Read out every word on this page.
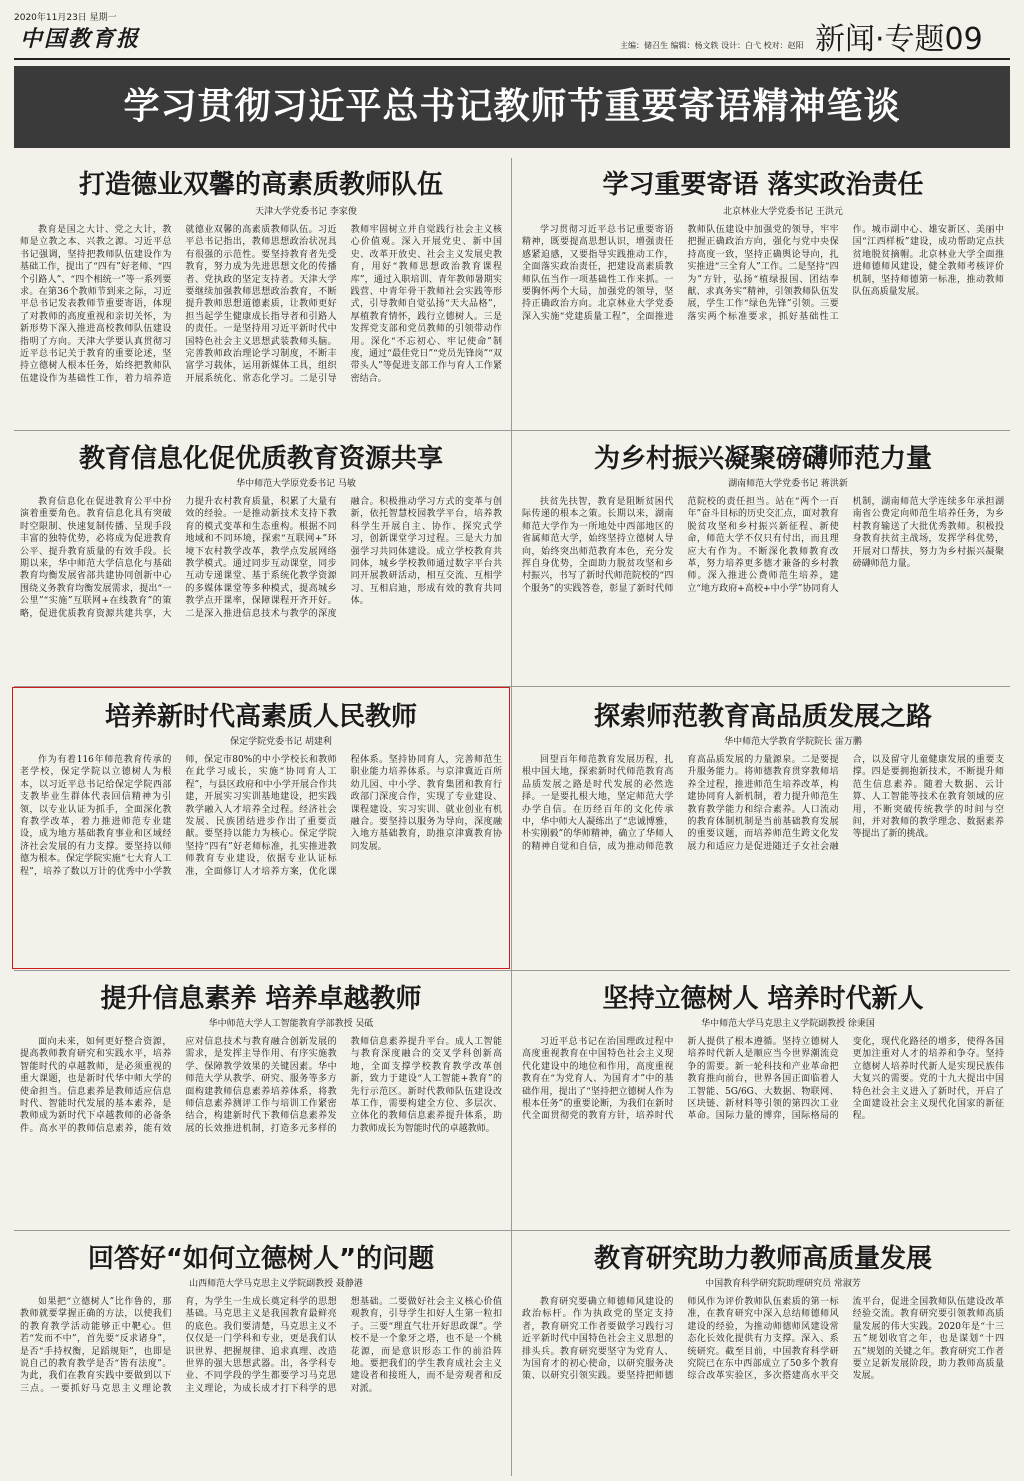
2020年11月23日 星期一
中国教育报	主编：储召生 编辑：杨文轶 设计：白弋 校对：赵阳 新闻·专题09
学习贯彻习近平总书记教师节重要寄语精神笔谈
打造德业双馨的高素质教师队伍
天津大学党委书记 李家俊

教育是国之大计、党之大计，教师是立教之本、兴教之源。习近平总书记强调，坚持把教师队伍建设作为基础工作，提出了“四有”好老师、“四个引路人”、“四个相统一”等一系列要求。在第36个教师节到来之际，习近平总书记发表教师节重要寄语，体现了对教师的高度重视和亲切关怀，为新形势下深入推进高校教师队伍建设指明了方向。天津大学要认真贯彻习近平总书记关于教育的重要论述，坚持立德树人根本任务，始终把教师队伍建设作为基础性工作，着力培养造就德业双馨的高素质教师队伍。习近平总书记指出，教师思想政治状况具有很强的示范性。要坚持教育者先受教育，努力成为先进思想文化的传播者、党执政的坚定支持者。天津大学要继续加强教师思想政治教育，不断提升教师思想道德素质，让教师更好担当起学生健康成长指导者和引路人的责任。一是坚持用习近平新时代中国特色社会主义思想武装教师头脑。完善教师政治理论学习制度，不断丰富学习载体，运用新媒体工具，组织开展系统化、常态化学习。二是引导教师牢固树立并自觉践行社会主义核心价值观。深入开展党史、新中国史、改革开放史、社会主义发展史教育，用好“教师思想政治教育课程库”，通过入职培训、青年教师暑期实践营、中青年骨干教师社会实践等形式，引导教师自觉弘扬“天大品格”，厚植教育情怀，践行立德树人。三是发挥党支部和党员教师的引领带动作用。深化“不忘初心、牢记使命”制度，通过“最佳党日”“党员先锋岗”“双带头人”等促进支部工作与育人工作紧密结合。

学习重要寄语 落实政治责任
北京林业大学党委书记 王洪元

学习贯彻习近平总书记重要寄语精神，既要提高思想认识，增强责任感紧迫感，又要指导实践推动工作，全面落实政治责任，把建设高素质教师队伍当作一项基础性工作来抓。一要胸怀两个大局，加强党的领导，坚持正确政治方向。北京林业大学党委深入实施“党建质量工程”，全面推进教师队伍建设中加强党的领导，牢牢把握正确政治方向，强化与党中央保持高度一致，坚持正确舆论导向，扎实推进“三全育人”工作。二是坚持“四为”方针，弘扬“植绿报国、团结奉献、求真务实”精神，引领教师队伍发展，学生工作“绿色先锋”引领。三要落实两个标准要求，抓好基础性工作。城市副中心、雄安新区、美丽中国“江西样板”建设，成功帮助定点扶贫地脱贫摘帽。北京林业大学全面推进师德师风建设，健全教师考核评价机制，坚持师德第一标准，推动教师队伍高质量发展。

教育信息化促优质教育资源共享
华中师范大学原党委书记 马敏

教育信息化在促进教育公平中扮演着重要角色。教育信息化具有突破时空限制、快速复制传播、呈现手段丰富的独特优势，必将成为促进教育公平、提升教育质量的有效手段。长期以来，华中师范大学信息化与基础教育均衡发展省部共建协同创新中心围绕义务教育均衡发展需求，提出“一公里”“实施”互联网+在线教育”的策略，促进优质教育资源共建共享，大力提升农村教育质量，积累了大量有效的经验。一是推动新技术支持下教育的模式变革和生态重构。根据不同地域和不同环境，探索“互联网+”环境下农村教学改革，教学点发展网络教学模式。通过同步互动课堂，同步互动专递课堂、基于系统化教学资源的多媒体课堂等多种模式，提高城乡教学点开课率，保障课程开齐开好。二是深入推进信息技术与教学的深度融合。积极推动学习方式的变革与创新，依托智慧校园教学平台，培养教科学生开展自主、协作、探究式学习，创新课堂学习过程。三是大力加强学习共同体建设。成立学校教育共同体，城乡学校教师通过数字平台共同开展教研活动，相互交流、互相学习、互相启迪，形成有效的教育共同体。

为乡村振兴凝聚磅礴师范力量
湖南师范大学党委书记 蒋洪新

扶贫先扶智，教育是阻断贫困代际传递的根本之策。长期以来，湖南师范大学作为一所地处中西部地区的省属师范大学，始终坚持立德树人导向，始终突出师范教育本色，充分发挥自身优势，全面助力脱贫攻坚和乡村振兴，书写了新时代师范院校的“四个服务”的实践答卷，彰显了新时代师范院校的责任担当。站在“两个一百年”奋斗目标的历史交汇点，面对教育脱贫攻坚和乡村振兴新征程、新使命，师范大学不仅只有付出，而且理应大有作为。不断深化教师教育改革，努力培养更多德才兼备的乡村教师。深入推进公费师范生培养，建立“地方政府+高校+中小学”协同育人机制，湖南师范大学连续多年承担湖南省公费定向师范生培养任务，为乡村教育输送了大批优秀教师。积极投身教育扶贫主战场，发挥学科优势，开展对口帮扶，努力为乡村振兴凝聚磅礴师范力量。

培养新时代高素质人民教师
保定学院党委书记 胡建利

作为有着116年师范教育传承的老学校，保定学院以立德树人为根本，以习近平总书记给保定学院西部支教毕业生群体代表回信精神为引领，以专业认证为抓手，全面深化教育教学改革，着力推进师范专业建设，成为地方基础教育事业和区域经济社会发展的有力支撑。要坚持以师德为根本。保定学院实施“七大育人工程”，培养了数以万计的优秀中小学教师，保定市80%的中小学校长和教师在此学习成长，实施“协同育人工程”，与县区政府和中小学开展合作共建，开展实习实训基地建设，把实践教学融入人才培养全过程。经济社会发展、民族团结进步作出了重要贡献。要坚持以能力为核心。保定学院坚持“四有”好老师标准，扎实推进教师教育专业建设，依据专业认证标准，全面修订人才培养方案，优化课程体系。坚持协同育人，完善师范生职业能力培养体系。与京津冀近百所幼儿园、中小学、教育集团和教育行政部门深度合作，实现了专业建设、课程建设、实习实训、就业创业有机融合。要坚持以服务为导向，深度融入地方基础教育，助推京津冀教育协同发展。

探索师范教育高品质发展之路
华中师范大学教育学院院长 雷万鹏

回望百年师范教育发展历程，扎根中国大地，探索新时代师范教育高品质发展之路是时代发展的必然选择。一是要扎根大地，坚定师范大学办学自信。在历经百年的文化传承中，华中师大人凝练出了“忠诚博雅，朴实刚毅”的华师精神，确立了华师人的精神自觉和自信，成为推动师范教育高品质发展的力量源泉。二是要提升服务能力。将师德教育贯穿教师培养全过程，推进师范生培养改革，构建协同育人新机制，着力提升师范生教育教学能力和综合素养。人口流动的教育体制机制是当前基础教育发展的重要议题，而培养师范生跨文化发展力和适应力是促进随迁子女社会融合，以及留守儿童健康发展的重要支撑。四是要拥抱新技术，不断提升师范生信息素养。随着大数据、云计算、人工智能等技术在教育领域的应用，不断突破传统教学的时间与空间，并对教师的教学理念、数据素养等提出了新的挑战。

提升信息素养 培养卓越教师
华中师范大学人工智能教育学部教授 吴砥

面向未来，如何更好整合资源，提高教师教育研究和实践水平，培养智能时代的卓越教师，是必须重视的重大课题，也是新时代华中师大学的使命担当。信息素养是教师适应信息时代、智能时代发展的基本素养，是教师成为新时代下卓越教师的必备条件。高水平的教师信息素养，能有效应对信息技术与教育融合创新发展的需求，是发挥主导作用、有序实施教学、保障教学效果的关键因素。华中师范大学从教学、研究、服务等多方面构建教师信息素养培养体系，将教师信息素养测评工作与培训工作紧密结合，构建新时代下教师信息素养发展的长效推进机制，打造多元多样的教师信息素养提升平台。成人工智能与教育深度融合的交叉学科创新高地，全面支撑学校教育教学改革创新，致力于建设“人工智能+教育”的先行示范区。新时代教师队伍建设改革工作，需要构建全方位、多层次、立体化的教师信息素养提升体系，助力教师成长为智能时代的卓越教师。

坚持立德树人 培养时代新人
华中师范大学马克思主义学院副教授 徐秉国

习近平总书记在治国理政过程中高度重视教育在中国特色社会主义现代化建设中的地位和作用，高度重视教育在“为党育人、为国育才”中的基础作用，提出了“坚持把立德树人作为根本任务”的重要论断，为我们在新时代全面贯彻党的教育方针，培养时代新人提供了根本遵循。坚持立德树人培养时代新人是顺应当今世界潮流竞争的需要。新一轮科技和产业革命把教育推向前台，世界各国正面临着人工智能、5G/6G、大数据、物联网、区块链、新材料等引领的第四次工业革命。国际力量的博弈，国际格局的变化，现代化路径的增多，使得各国更加注重对人才的培养和争夺。坚持立德树人培养时代新人是实现民族伟大复兴的需要。党的十九大提出中国特色社会主义进入了新时代，开启了全面建设社会主义现代化国家的新征程。

回答好“如何立德树人”的问题
山西师范大学马克思主义学院副教授 聂静港

如果把“立德树人”比作鲁的，那教师就要掌握正确的方法，以使我们的教育教学活动能够正中靶心。但若“发而不中”，首先要“反求诸身”，是否“手持权衡，足蹈规矩”，也即是说自己的教育教学是否“皆有法度”。为此，我们在教育实践中要做到以下三点。一要抓好马克思主义理论教育，为学生一生成长奠定科学的思想基础。马克思主义是我国教育最鲜亮的底色。我们要清楚，马克思主义不仅仅是一门学科和专业，更是我们认识世界、把握规律、追求真理、改造世界的强大思想武器。出，各学科专业、不同学段的学生都要学习马克思主义理论，为成长成才打下科学的思想基础。二要做好社会主义核心价值观教育，引导学生扣好人生第一粒扣子。三要“理直气壮开好思政课”。学校不是一个象牙之塔，也不是一个桃花源，而是意识形态工作的前沿阵地。要把我们的学生教育成社会主义建设者和接班人，而不是旁观者和反对派。

教育研究助力教师高质量发展
中国教育科学研究院助理研究员 常淑芳

教育研究要确立师德师风建设的政治标杆。作为执政党的坚定支持者，教育研究工作者要做学习践行习近平新时代中国特色社会主义思想的排头兵。教育研究要坚守为党育人、为国育才的初心使命，以研究服务决策、以研究引领实践。要坚持把师德师风作为评价教师队伍素质的第一标准，在教育研究中深入总结师德师风建设的经验，为推动师德师风建设常态化长效化提供有力支撑。深入、系统研究。截至目前，中国教育科学研究院已在东中西部成立了50多个教育综合改革实验区，多次搭建高水平交流平台，促进全国教师队伍建设改革经验交流。教育研究要引领教师高质量发展的伟大实践。2020年是“十三五”规划收官之年，也是谋划“十四五”规划的关键之年。教育研究工作者要立足新发展阶段，助力教师高质量发展。
